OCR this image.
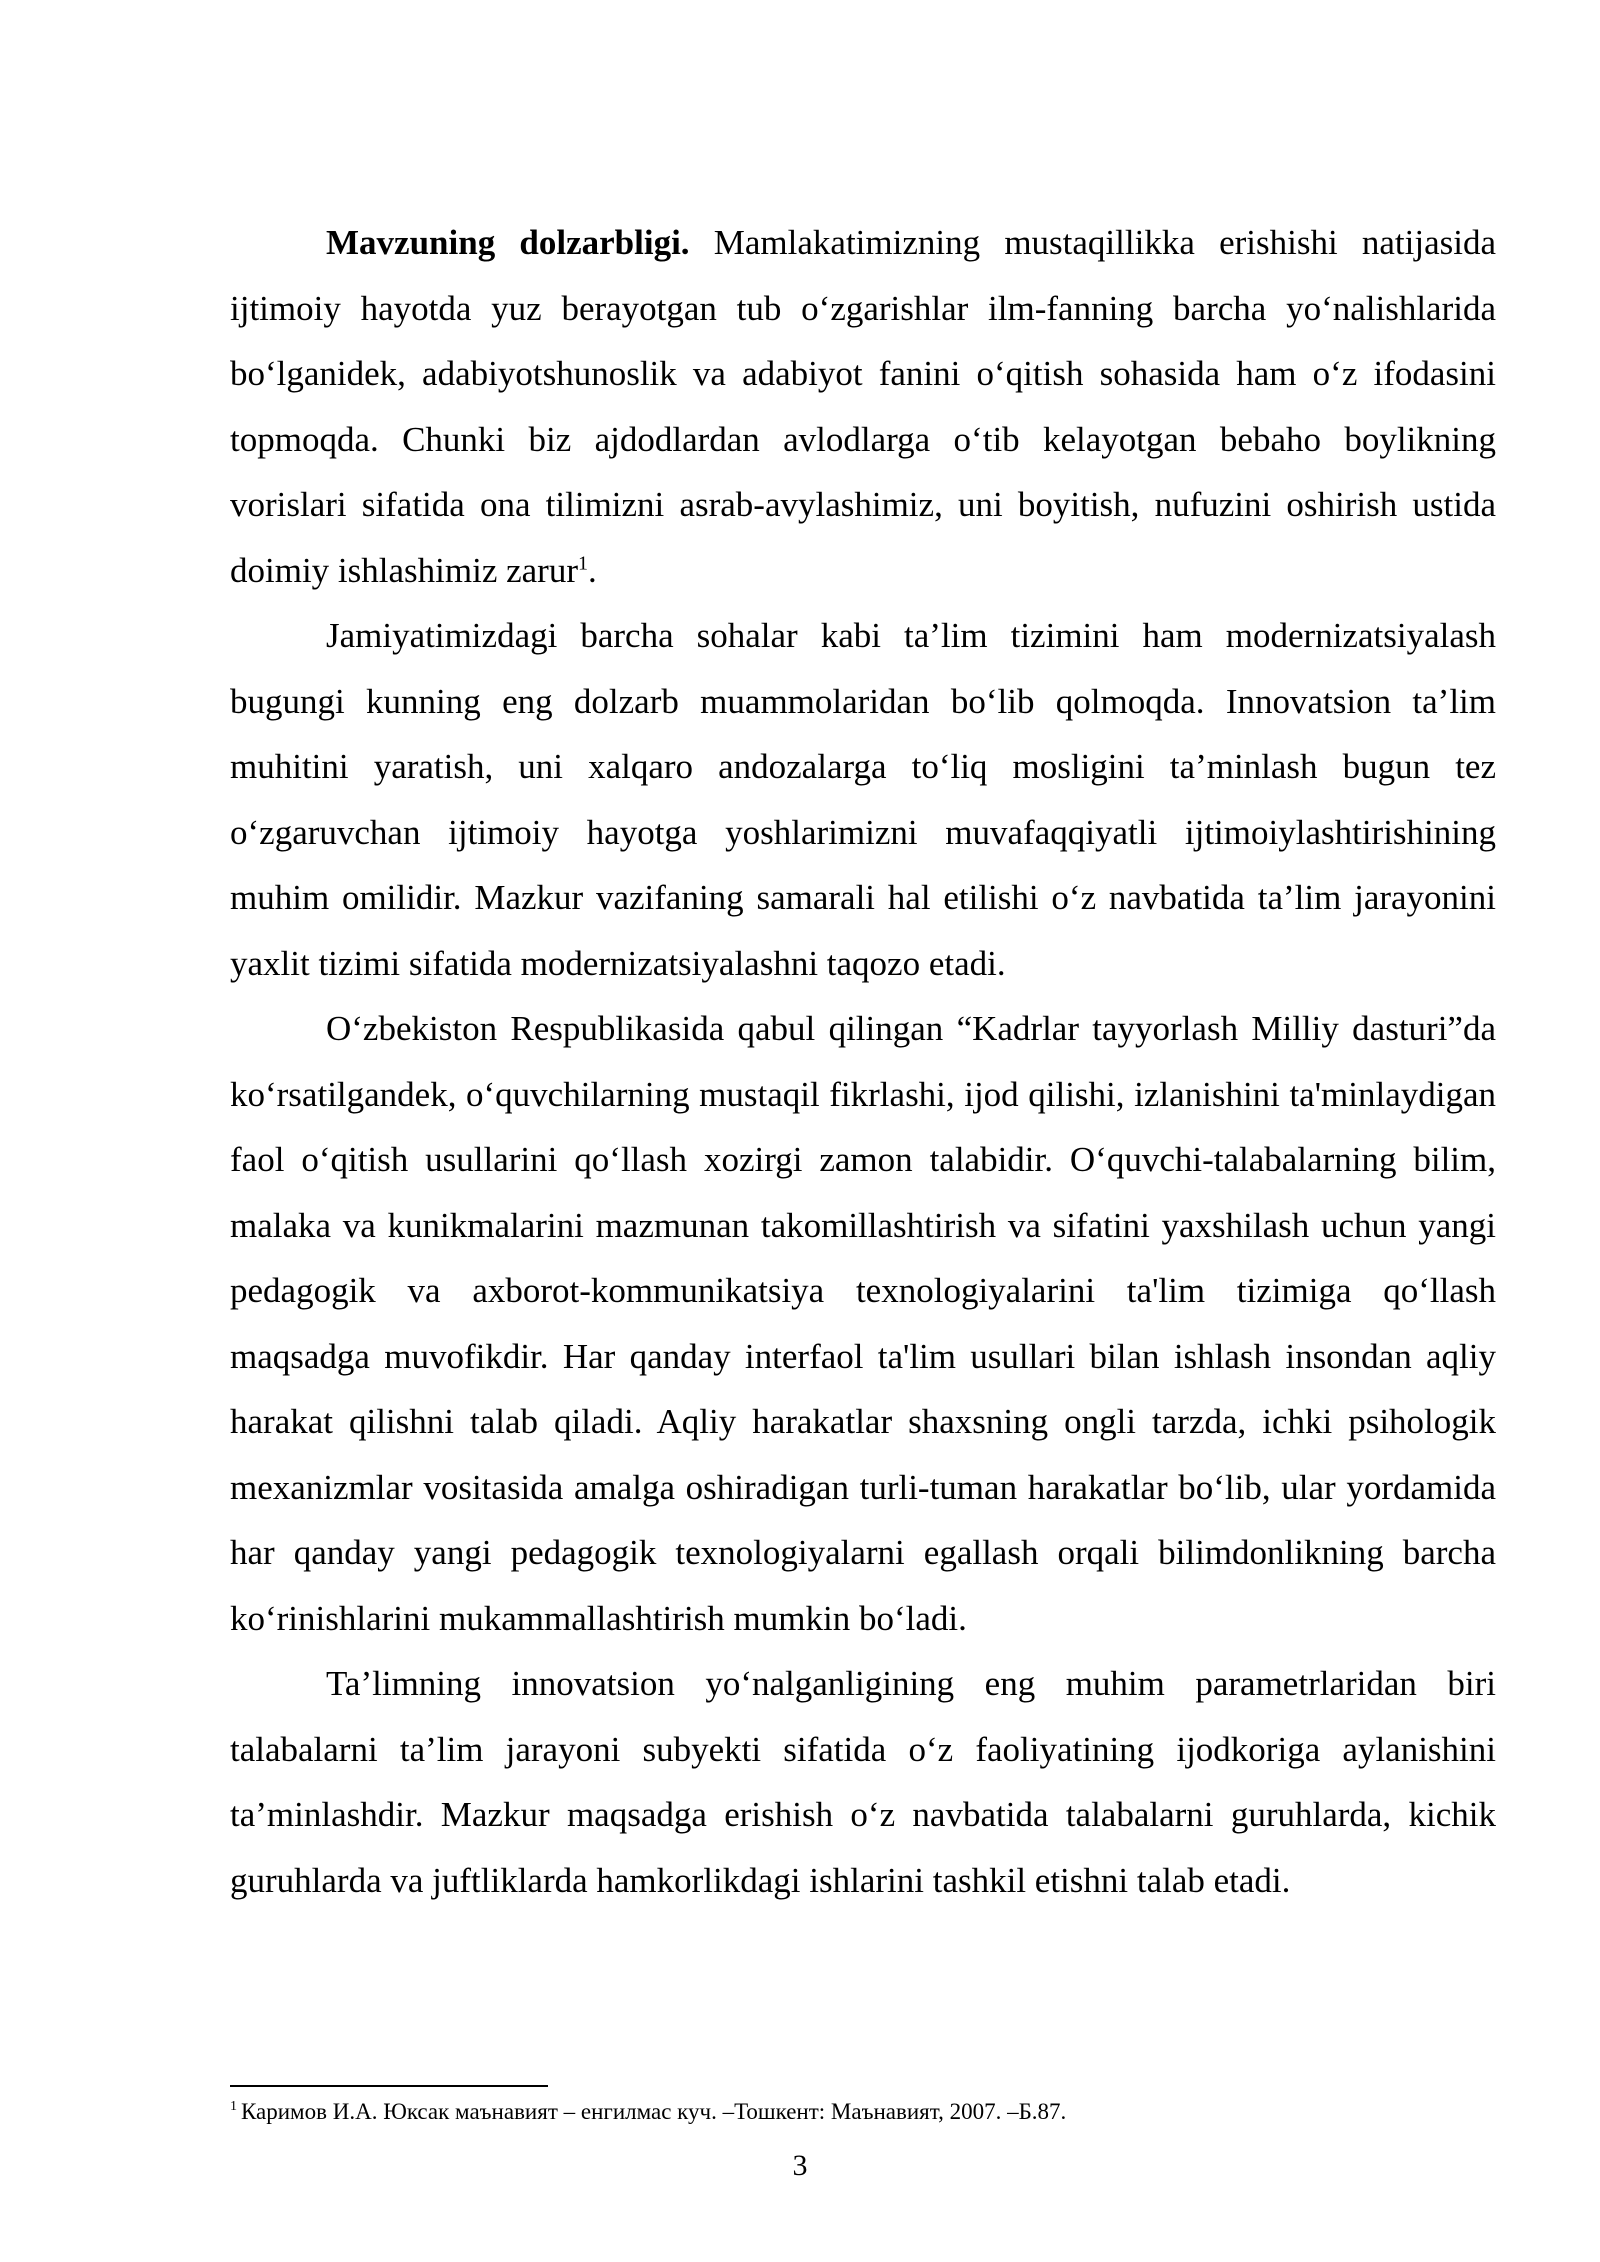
Mavzuning dolzarbligi. Mamlakatimizning mustaqillikka erishishi natijasida ijtimoiy hayotda yuz berayotgan tub o‘zgarishlar ilm-fanning barcha yo‘nalishlarida bo‘lganidek, adabiyotshunoslik va adabiyot fanini o‘qitish sohasida ham o‘z ifodasini topmoqda. Chunki biz ajdodlardan avlodlarga o‘tib kelayotgan bebaho boylikning vorislari sifatida ona tilimizni asrab-avylashimiz, uni boyitish, nufuzini oshirish ustida doimiy ishlashimiz zarur$^1$.

Jamiyatimizdagi barcha sohalar kabi ta’lim tizimini ham modernizatsiyalash bugungi kunning eng dolzarb muammolaridan bo‘lib qolmoqda. Innovatsion ta’lim muhitini yaratish, uni xalqaro andozalarga to‘liq mosligini ta’minlash bugun tez o‘zgaruvchan ijtimoiy hayotga yoshlarimizni muvafaqqiyatli ijtimoiylashtirishining muhim omilidir. Mazkur vazifaning samarali hal etilishi o‘z navbatida ta’lim jarayonini yaxlit tizimi sifatida modernizatsiyalashni taqozo etadi.

O‘zbekiston Respublikasida qabul qilingan “Kadrlar tayyorlash Milliy dasturi”da ko‘rsatilgandek, o‘quvchilarning mustaqil fikrlashi, ijod qilishi, izlanishini ta'minlaydigan faol o‘qitish usullarini qo‘llash xozirgi zamon talabidir. O‘quvchi-talabalarning bilim, malaka va kunikmalarini mazmunan takomillashtirish va sifatini yaxshilash uchun yangi pedagogik va axborot-kommunikatsiya texnologiyalarini ta'lim tizimiga qo‘llash maqsadga muvofikdir. Har qanday interfaol ta'lim usullari bilan ishlash insondan aqliy harakat qilishni talab qiladi. Aqliy harakatlar shaxsning ongli tarzda, ichki psihologik mexanizmlar vositasida amalga oshiradigan turli-tuman harakatlar bo‘lib, ular yordamida har qanday yangi pedagogik texnologiyalarni egallash orqali bilimdonlikning barcha ko‘rinishlarini mukammallashtirish mumkin bo‘ladi.

Ta’limning innovatsion yo‘nalganligining eng muhim parametrlaridan biri talabalarni ta’lim jarayoni subyekti sifatida o‘z faoliyatining ijodkoriga aylanishini ta’minlashdir. Mazkur maqsadga erishish o‘z navbatida talabalarni guruhlarda, kichik guruhlarda va juftliklarda hamkorlikdagi ishlarini tashkil etishni talab etadi.

$^1$ Каримов И.А. Юксак маънавият – енгилмас куч. –Тошкент: Маънавият, 2007. –Б.87.

3
